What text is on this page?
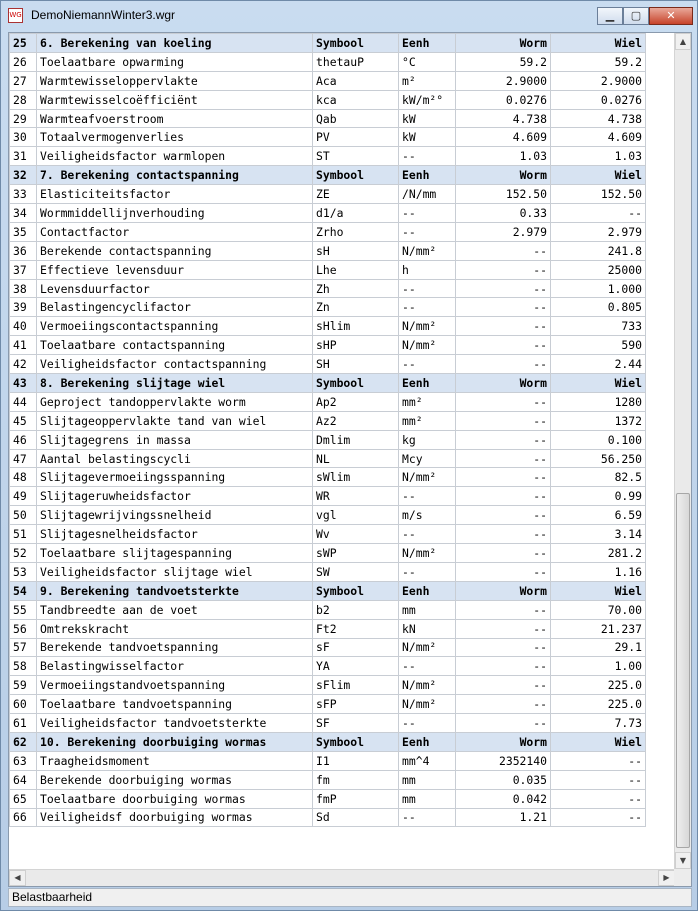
WG DemoNiemannWinter3.wgr	▁	▢	✕
25	6. Berekening van koeling	Symbool	Eenh	Worm	Wiel
26	Toelaatbare opwarming	thetauP	°C	59.2	59.2
27	Warmtewisseloppervlakte	Aca	m²	2.9000	2.9000
28	Warmtewisselcoëfficiënt	kca	kW/m²°	0.0276	0.0276
29	Warmteafvoerstroom	Qab	kW	4.738	4.738
30	Totaalvermogenverlies	PV	kW	4.609	4.609
31	Veiligheidsfactor warmlopen	ST	--	1.03	1.03
32	7. Berekening contactspanning	Symbool	Eenh	Worm	Wiel
33	Elasticiteitsfactor	ZE	/N/mm	152.50	152.50
34	Wormmiddellijnverhouding	d1/a	--	0.33	--
35	Contactfactor	Zrho	--	2.979	2.979
36	Berekende contactspanning	sH	N/mm²	--	241.8
37	Effectieve levensduur	Lhe	h	--	25000
38	Levensduurfactor	Zh	--	--	1.000
39	Belastingencyclifactor	Zn	--	--	0.805
40	Vermoeiingscontactspanning	sHlim	N/mm²	--	733
41	Toelaatbare contactspanning	sHP	N/mm²	--	590
42	Veiligheidsfactor contactspanning	SH	--	--	2.44
43	8. Berekening slijtage wiel	Symbool	Eenh	Worm	Wiel
44	Geproject tandoppervlakte worm	Ap2	mm²	--	1280
45	Slijtageoppervlakte tand van wiel	Az2	mm²	--	1372
46	Slijtagegrens in massa	Dmlim	kg	--	0.100
47	Aantal belastingscycli	NL	Mcy	--	56.250
48	Slijtagevermoeiingsspanning	sWlim	N/mm²	--	82.5
49	Slijtageruwheidsfactor	WR	--	--	0.99
50	Slijtagewrijvingssnelheid	vgl	m/s	--	6.59
51	Slijtagesnelheidsfactor	Wv	--	--	3.14
52	Toelaatbare slijtagespanning	sWP	N/mm²	--	281.2
53	Veiligheidsfactor slijtage wiel	SW	--	--	1.16
54	9. Berekening tandvoetsterkte	Symbool	Eenh	Worm	Wiel
55	Tandbreedte aan de voet	b2	mm	--	70.00
56	Omtrekskracht	Ft2	kN	--	21.237
57	Berekende tandvoetspanning	sF	N/mm²	--	29.1
58	Belastingwisselfactor	YA	--	--	1.00
59	Vermoeiingstandvoetspanning	sFlim	N/mm²	--	225.0
60	Toelaatbare tandvoetspanning	sFP	N/mm²	--	225.0
61	Veiligheidsfactor tandvoetsterkte	SF	--	--	7.73
62	10. Berekening doorbuiging wormas	Symbool	Eenh	Worm	Wiel
63	Traagheidsmoment	I1	mm^4	2352140	--
64	Berekende doorbuiging wormas	fm	mm	0.035	--
65	Toelaatbare doorbuiging wormas	fmP	mm	0.042	--
66	Veiligheidsf doorbuiging wormas	Sd	--	1.21	--
▲
▼
◀	▶
Belastbaarheid
